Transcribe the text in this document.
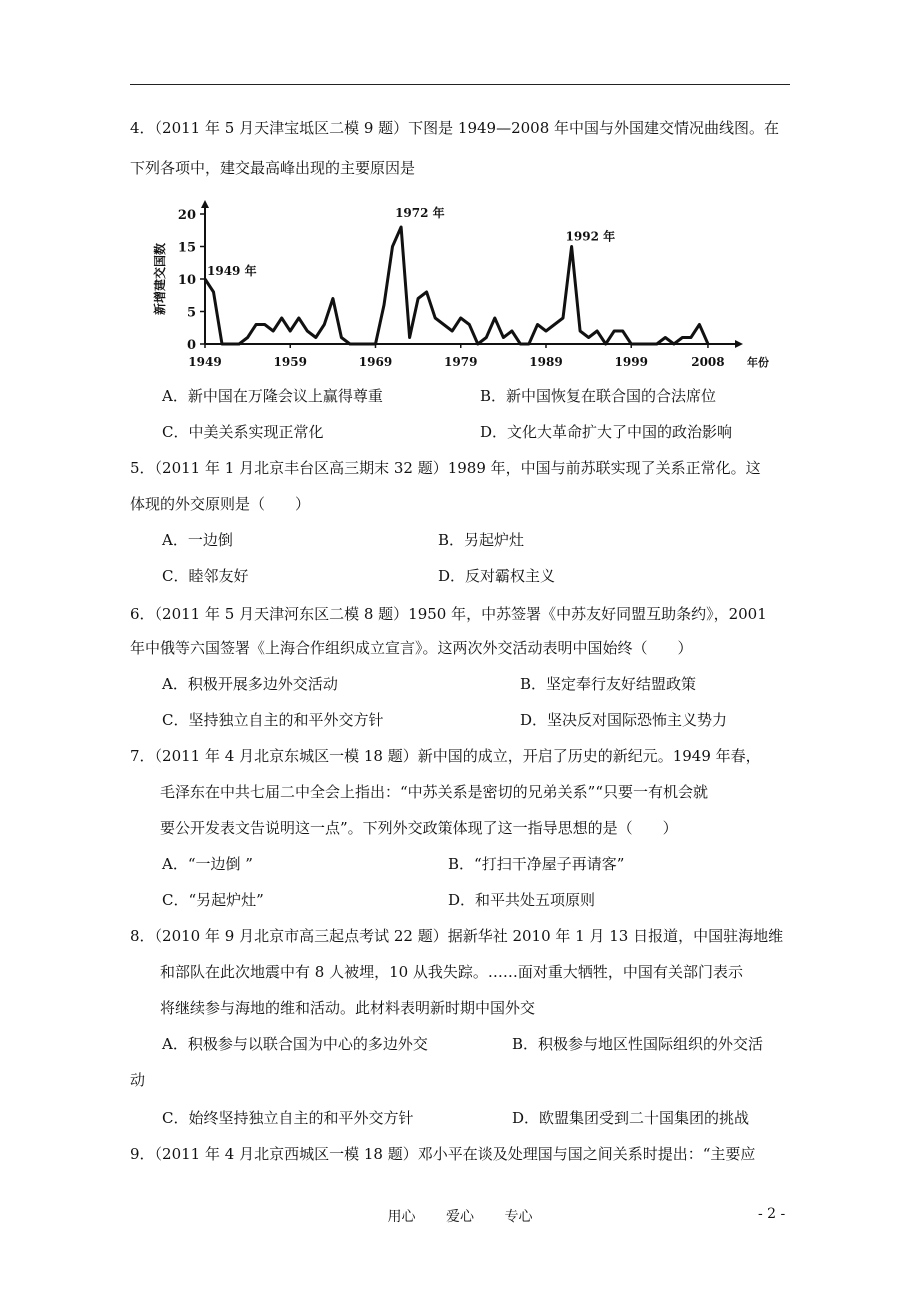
4．（2011 年 5 月天津宝坻区二模 9 题）下图是 1949—2008 年中国与外国建交情况曲线图。在
下列各项中，建交最高峰出现的主要原因是
0
5
10
15
20
1949	1959	1969	1979	1989	1999	2008
新增建交国数
年份
1949 年
1972 年
1992 年
A．新中国在万隆会议上赢得尊重	B．新中国恢复在联合国的合法席位
C．中美关系实现正常化	D．文化大革命扩大了中国的政治影响
5．（2011 年 1 月北京丰台区高三期末 32 题）1989 年，中国与前苏联实现了关系正常化。这
体现的外交原则是（　　）
A．一边倒	B．另起炉灶
C．睦邻友好	D．反对霸权主义
6．（2011 年 5 月天津河东区二模 8 题）1950 年，中苏签署《中苏友好同盟互助条约》，2001
年中俄等六国签署《上海合作组织成立宣言》。这两次外交活动表明中国始终（　　）
A．积极开展多边外交活动	B．坚定奉行友好结盟政策
C．坚持独立自主的和平外交方针	D．坚决反对国际恐怖主义势力
7．（2011 年 4 月北京东城区一模 18 题）新中国的成立，开启了历史的新纪元。1949 年春，
毛泽东在中共七届二中全会上指出：“中苏关系是密切的兄弟关系”“只要一有机会就
要公开发表文告说明这一点”。下列外交政策体现了这一指导思想的是（　　）
A．“一边倒 ”	B．“打扫干净屋子再请客”
C．“另起炉灶”	D．和平共处五项原则
8．（2010 年 9 月北京市高三起点考试 22 题）据新华社 2010 年 1 月 13 日报道，中国驻海地维
和部队在此次地震中有 8 人被埋，10 从我失踪。……面对重大牺牲，中国有关部门表示
将继续参与海地的维和活动。此材料表明新时期中国外交
A．积极参与以联合国为中心的多边外交	B．积极参与地区性国际组织的外交活
动
C．始终坚持独立自主的和平外交方针	D．欧盟集团受到二十国集团的挑战
9．（2011 年 4 月北京西城区一模 18 题）邓小平在谈及处理国与国之间关系时提出：“主要应
用心 爱心 专心	- 2 -
